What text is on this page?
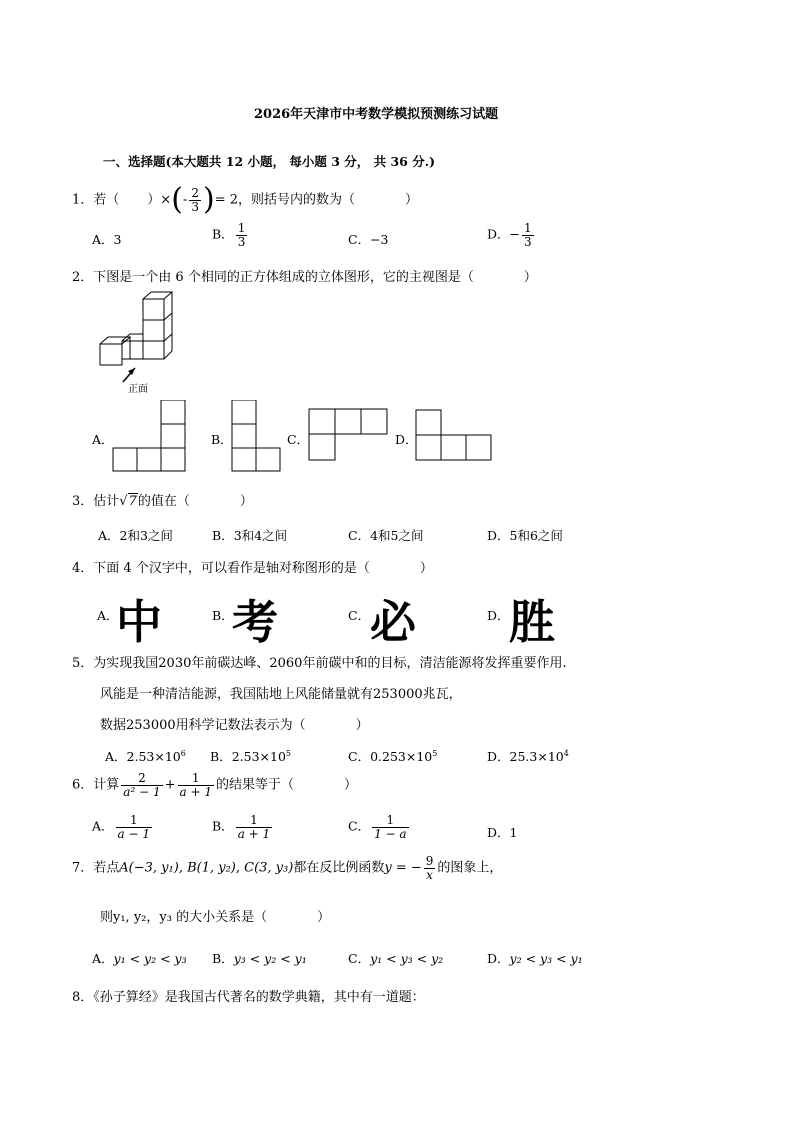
2026年天津市中考数学模拟预测练习试题
一、选择题(本大题共 12 小题， 每小题 3 分， 共 36 分.)
1．若（ ）×(- $\frac{2}{3}$ )= 2，则括号内的数为（	）
A．3	B． $\frac{1}{3}$	C．−3	D．− $\frac{1}{3}$
2．下图是一个由 6 个相同的正方体组成的立体图形，它的主视图是（	）
正面
A．	B．	C．	D．
3．估计√7的值在（	）
A．2和3之间	B．3和4之间	C．4和5之间	D．5和6之间
4．下面 4 个汉字中，可以看作是轴对称图形的是（	）
A．
中	B．
考	C． 必	D． 胜
5．为实现我国2030年前碳达峰、2060年前碳中和的目标，清洁能源将发挥重要作用.
风能是一种清洁能源，我国陆地上风能储量就有253000兆瓦，
数据253000用科学记数法表示为（	）
A．$2.53\times 10^6$ B．$2.53\times 10^5$	C．$0.253\times 10^5$	D．$25.3\times 10^4$
6．计算 $\frac{2}{\text{a² − 1}} + \frac{1}{a + 1}$ 的结果等于（	）
A． $\frac{1}{a - 1}$	B． $\frac{1}{a + 1}$	C． $\frac{1}{1 - a}$	D．1
7．若点A(−3, y₁), B(1, y₂), C(3, y₃)都在反比例函数y = − $\frac{9}{x}$ 的图象上，
则y₁, y₂，y₃ 的大小关系是（	）
A．y₁ < y₂ < y₃ B．y₃ < y₂ < y₁	C．y₁ < y₃ < y₂	D．y₂ < y₃ < y₁
8．《孙子算经》是我国古代著名的数学典籍，其中有一道题：
